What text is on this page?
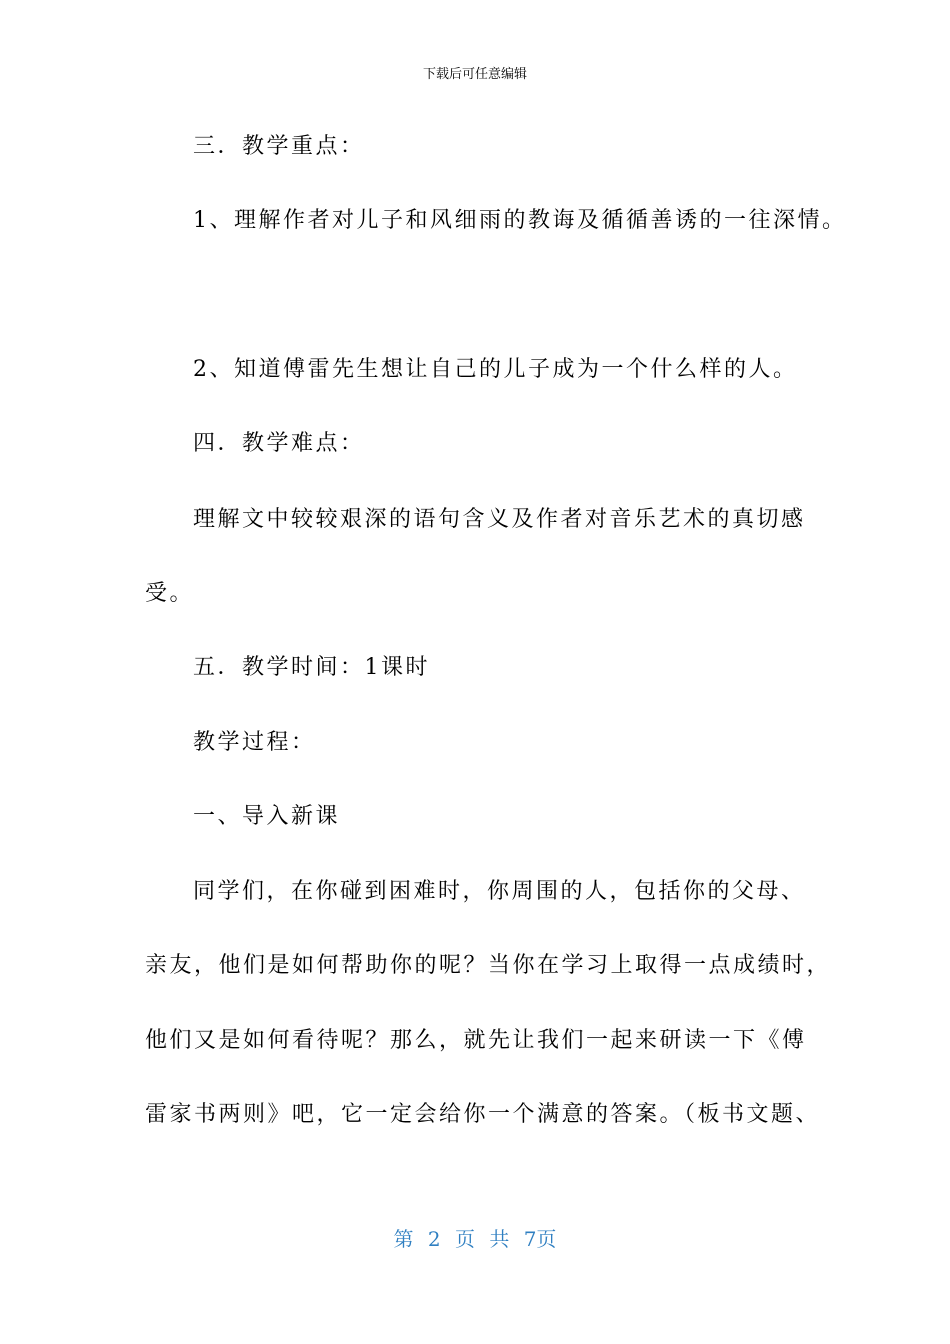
下载后可任意编辑
三．教学重点：
1、理解作者对儿子和风细雨的教诲及循循善诱的一往深情。
2、知道傅雷先生想让自己的儿子成为一个什么样的人。
四．教学难点：
理解文中较较艰深的语句含义及作者对音乐艺术的真切感
受。
五．教学时间：1课时
教学过程：
一、导入新课
同学们，在你碰到困难时，你周围的人，包括你的父母、
亲友，他们是如何帮助你的呢？当你在学习上取得一点成绩时，
他们又是如何看待呢？那么，就先让我们一起来研读一下《傅
雷家书两则》吧，它一定会给你一个满意的答案。（板书文题、
第 2 页 共 7页
